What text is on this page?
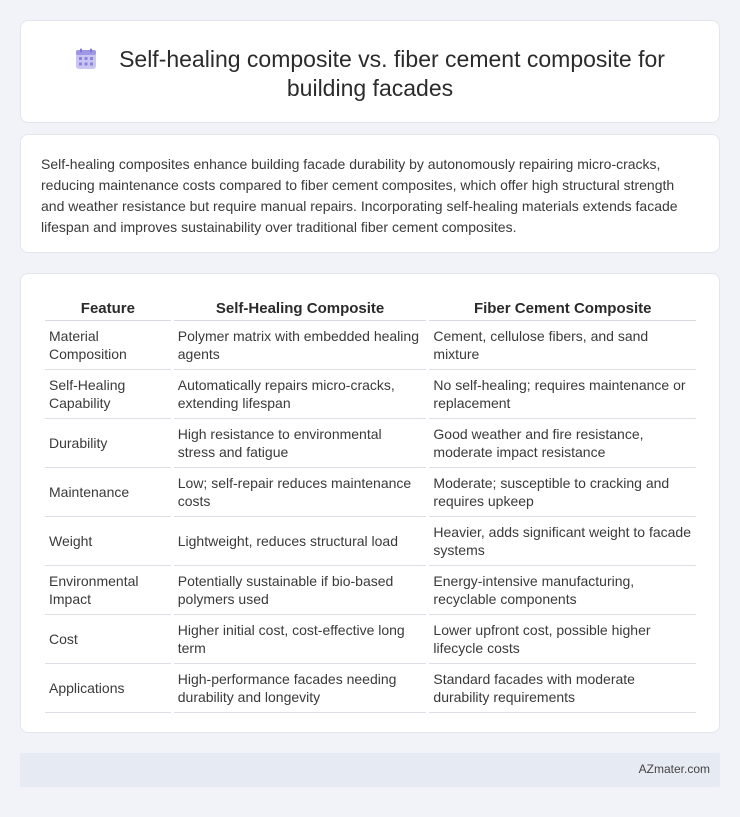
Self-healing composite vs. fiber cement composite for building facades

Self-healing composites enhance building facade durability by autonomously repairing micro-cracks, reducing maintenance costs compared to fiber cement composites, which offer high structural strength and weather resistance but require manual repairs. Incorporating self-healing materials extends facade lifespan and improves sustainability over traditional fiber cement composites.

Feature	Self-Healing Composite	Fiber Cement Composite
Material Composition	Polymer matrix with embedded healing agents	Cement, cellulose fibers, and sand mixture
Self-Healing Capability	Automatically repairs micro-cracks, extending lifespan	No self-healing; requires maintenance or replacement
Durability	High resistance to environmental stress and fatigue	Good weather and fire resistance, moderate impact resistance
Maintenance	Low; self-repair reduces maintenance costs	Moderate; susceptible to cracking and requires upkeep
Weight	Lightweight, reduces structural load	Heavier, adds significant weight to facade systems
Environmental Impact	Potentially sustainable if bio-based polymers used	Energy-intensive manufacturing, recyclable components
Cost	Higher initial cost, cost-effective long term	Lower upfront cost, possible higher lifecycle costs
Applications	High-performance facades needing durability and longevity	Standard facades with moderate durability requirements
AZmater.com
